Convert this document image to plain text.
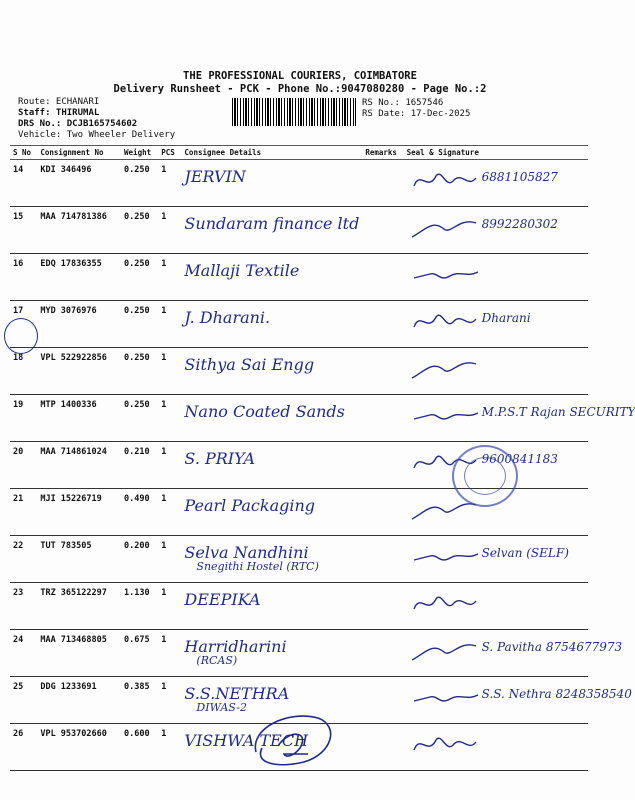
THE PROFESSIONAL COURIERS, COIMBATORE
Delivery Runsheet - PCK - Phone No.:9047080280 - Page No.:2
Route: ECHANARI
Staff: THIRUMAL
DRS No.: DCJB165754602
Vehicle: Two Wheeler Delivery
RS No.: 1657546
RS Date: 17-Dec-2025
S No	Consignment No	Weight	PCS	Consignee Details	Remarks	Seal & Signature
14	KDI 346496	0.250	1	JERVIN		6881105827

15	MAA 714781386	0.250	1	Sundaram finance ltd		8992280302

16	EDQ 17836355	0.250	1	Mallaji Textile

17	MYD 3076976	0.250	1	J. Dharani.		Dharani

18	VPL 522922856	0.250	1	Sithya Sai Engg

19	MTP 1400336	0.250	1	Nano Coated Sands		M.P.S.T Rajan SECURITY

20	MAA 714861024	0.210	1	S. PRIYA		9600841183

21	MJI 15226719	0.490	1	Pearl Packaging

22	TUT 783505	0.200	1	Selva Nandhini
Snegithi Hostel (RTC)		Selvan (SELF)

23	TRZ 365122297	1.130	1	DEEPIKA

24	MAA 713468805	0.675	1	Harridharini
(RCAS)		S. Pavitha 8754677973

25	DDG 1233691	0.385	1	S.S.NETHRA
DIWAS-2		S.S. Nethra 8248358540

26	VPL 953702660	0.600	1	VISHWA TECH
